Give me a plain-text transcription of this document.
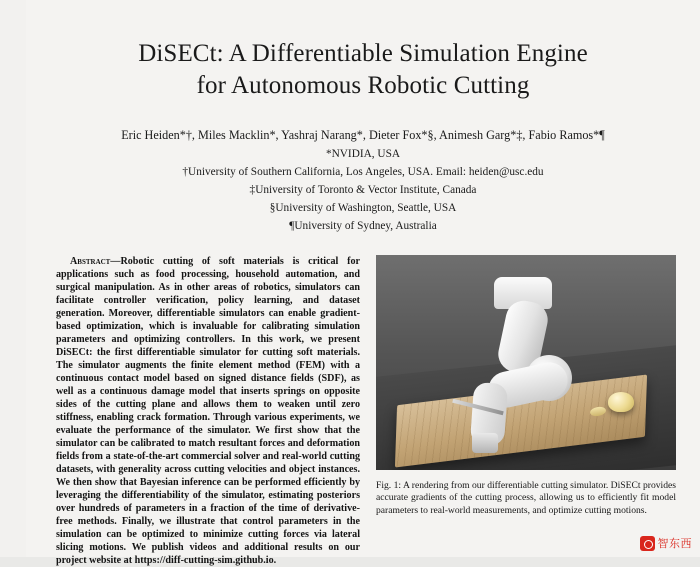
DiSECt: A Differentiable Simulation Engine
for Autonomous Robotic Cutting
Eric Heiden*†, Miles Macklin*, Yashraj Narang*, Dieter Fox*§, Animesh Garg*‡, Fabio Ramos*¶
*NVIDIA, USA
†University of Southern California, Los Angeles, USA. Email: heiden@usc.edu
‡University of Toronto & Vector Institute, Canada
§University of Washington, Seattle, USA
¶University of Sydney, Australia
Abstract—Robotic cutting of soft materials is critical for applications such as food processing, household automation, and surgical manipulation. As in other areas of robotics, simulators can facilitate controller verification, policy learning, and dataset generation. Moreover, differentiable simulators can enable gradient-based optimization, which is invaluable for calibrating simulation parameters and optimizing controllers. In this work, we present DiSECt: the first differentiable simulator for cutting soft materials. The simulator augments the finite element method (FEM) with a continuous contact model based on signed distance fields (SDF), as well as a continuous damage model that inserts springs on opposite sides of the cutting plane and allows them to weaken until zero stiffness, enabling crack formation. Through various experiments, we evaluate the performance of the simulator. We first show that the simulator can be calibrated to match resultant forces and deformation fields from a state-of-the-art commercial solver and real-world cutting datasets, with generality across cutting velocities and object instances. We then show that Bayesian inference can be performed efficiently by leveraging the differentiability of the simulator, estimating posteriors over hundreds of parameters in a fraction of the time of derivative-free methods. Finally, we illustrate that control parameters in the simulation can be optimized to minimize cutting forces via lateral slicing motions. We publish videos and additional results on our project website at https://diff-cutting-sim.github.io.
Fig. 1: A rendering from our differentiable cutting simulator. DiSECt provides accurate gradients of the cutting process, allowing us to efficiently fit model parameters to real-world measurements, and optimize cutting motions.
智东西
